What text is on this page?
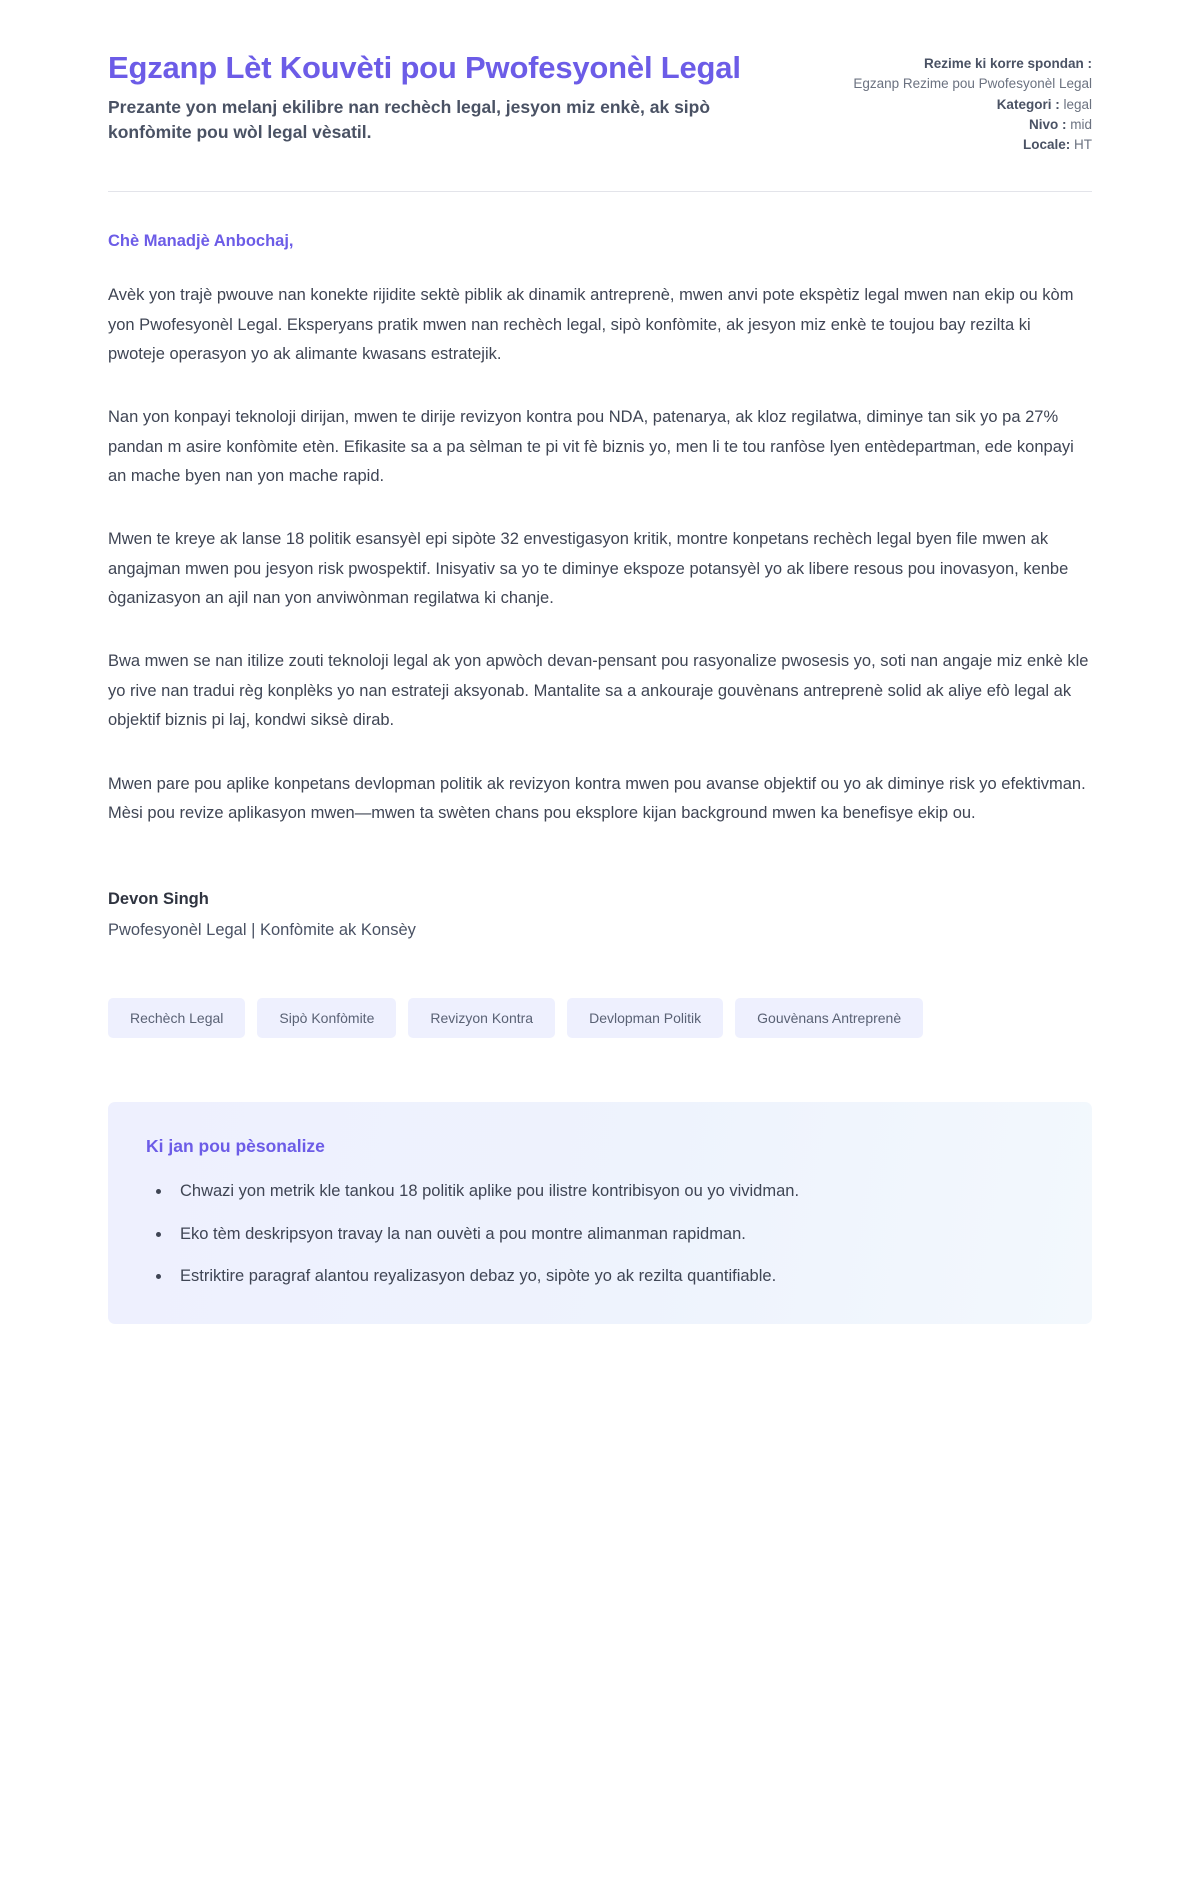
Egzanp Lèt Kouvèti pou Pwofesyonèl Legal

Prezante yon melanj ekilibre nan rechèch legal, jesyon miz enkè, ak sipò konfòmite pou wòl legal vèsatil.

Rezime ki korre spondan :
Egzanp Rezime pou Pwofesyonèl Legal
Kategori : legal
Nivo : mid
Locale: HT

Chè Manadjè Anbochaj,

Avèk yon trajè pwouve nan konekte rijidite sektè piblik ak dinamik antreprenè, mwen anvi pote ekspètiz legal mwen nan ekip ou kòm yon Pwofesyonèl Legal. Eksperyans pratik mwen nan rechèch legal, sipò konfòmite, ak jesyon miz enkè te toujou bay rezilta ki pwoteje operasyon yo ak alimante kwasans estratejik.

Nan yon konpayi teknoloji dirijan, mwen te dirije revizyon kontra pou NDA, patenarya, ak kloz regilatwa, diminye tan sik yo pa 27% pandan m asire konfòmite etèn. Efikasite sa a pa sèlman te pi vit fè biznis yo, men li te tou ranfòse lyen entèdepartman, ede konpayi an mache byen nan yon mache rapid.

Mwen te kreye ak lanse 18 politik esansyèl epi sipòte 32 envestigasyon kritik, montre konpetans rechèch legal byen file mwen ak angajman mwen pou jesyon risk pwospektif. Inisyativ sa yo te diminye ekspoze potansyèl yo ak libere resous pou inovasyon, kenbe òganizasyon an ajil nan yon anviwònman regilatwa ki chanje.

Bwa mwen se nan itilize zouti teknoloji legal ak yon apwòch devan-pensant pou rasyonalize pwosesis yo, soti nan angaje miz enkè kle yo rive nan tradui règ konplèks yo nan estrateji aksyonab. Mantalite sa a ankouraje gouvènans antreprenè solid ak aliye efò legal ak objektif biznis pi laj, kondwi siksè dirab.

Mwen pare pou aplike konpetans devlopman politik ak revizyon kontra mwen pou avanse objektif ou yo ak diminye risk yo efektivman. Mèsi pou revize aplikasyon mwen—mwen ta swèten chans pou eksplore kijan background mwen ka benefisye ekip ou.

Devon Singh

Pwofesyonèl Legal | Konfòmite ak Konsèy

Rechèch Legal	Sipò Konfòmite	Revizyon Kontra	Devlopman Politik	Gouvènans Antreprenè

Ki jan pou pèsonalize

• Chwazi yon metrik kle tankou 18 politik aplike pou ilistre kontribisyon ou yo vividman.
• Eko tèm deskripsyon travay la nan ouvèti a pou montre alimanman rapidman.
• Estriktire paragraf alantou reyalizasyon debaz yo, sipòte yo ak rezilta quantifiable.
